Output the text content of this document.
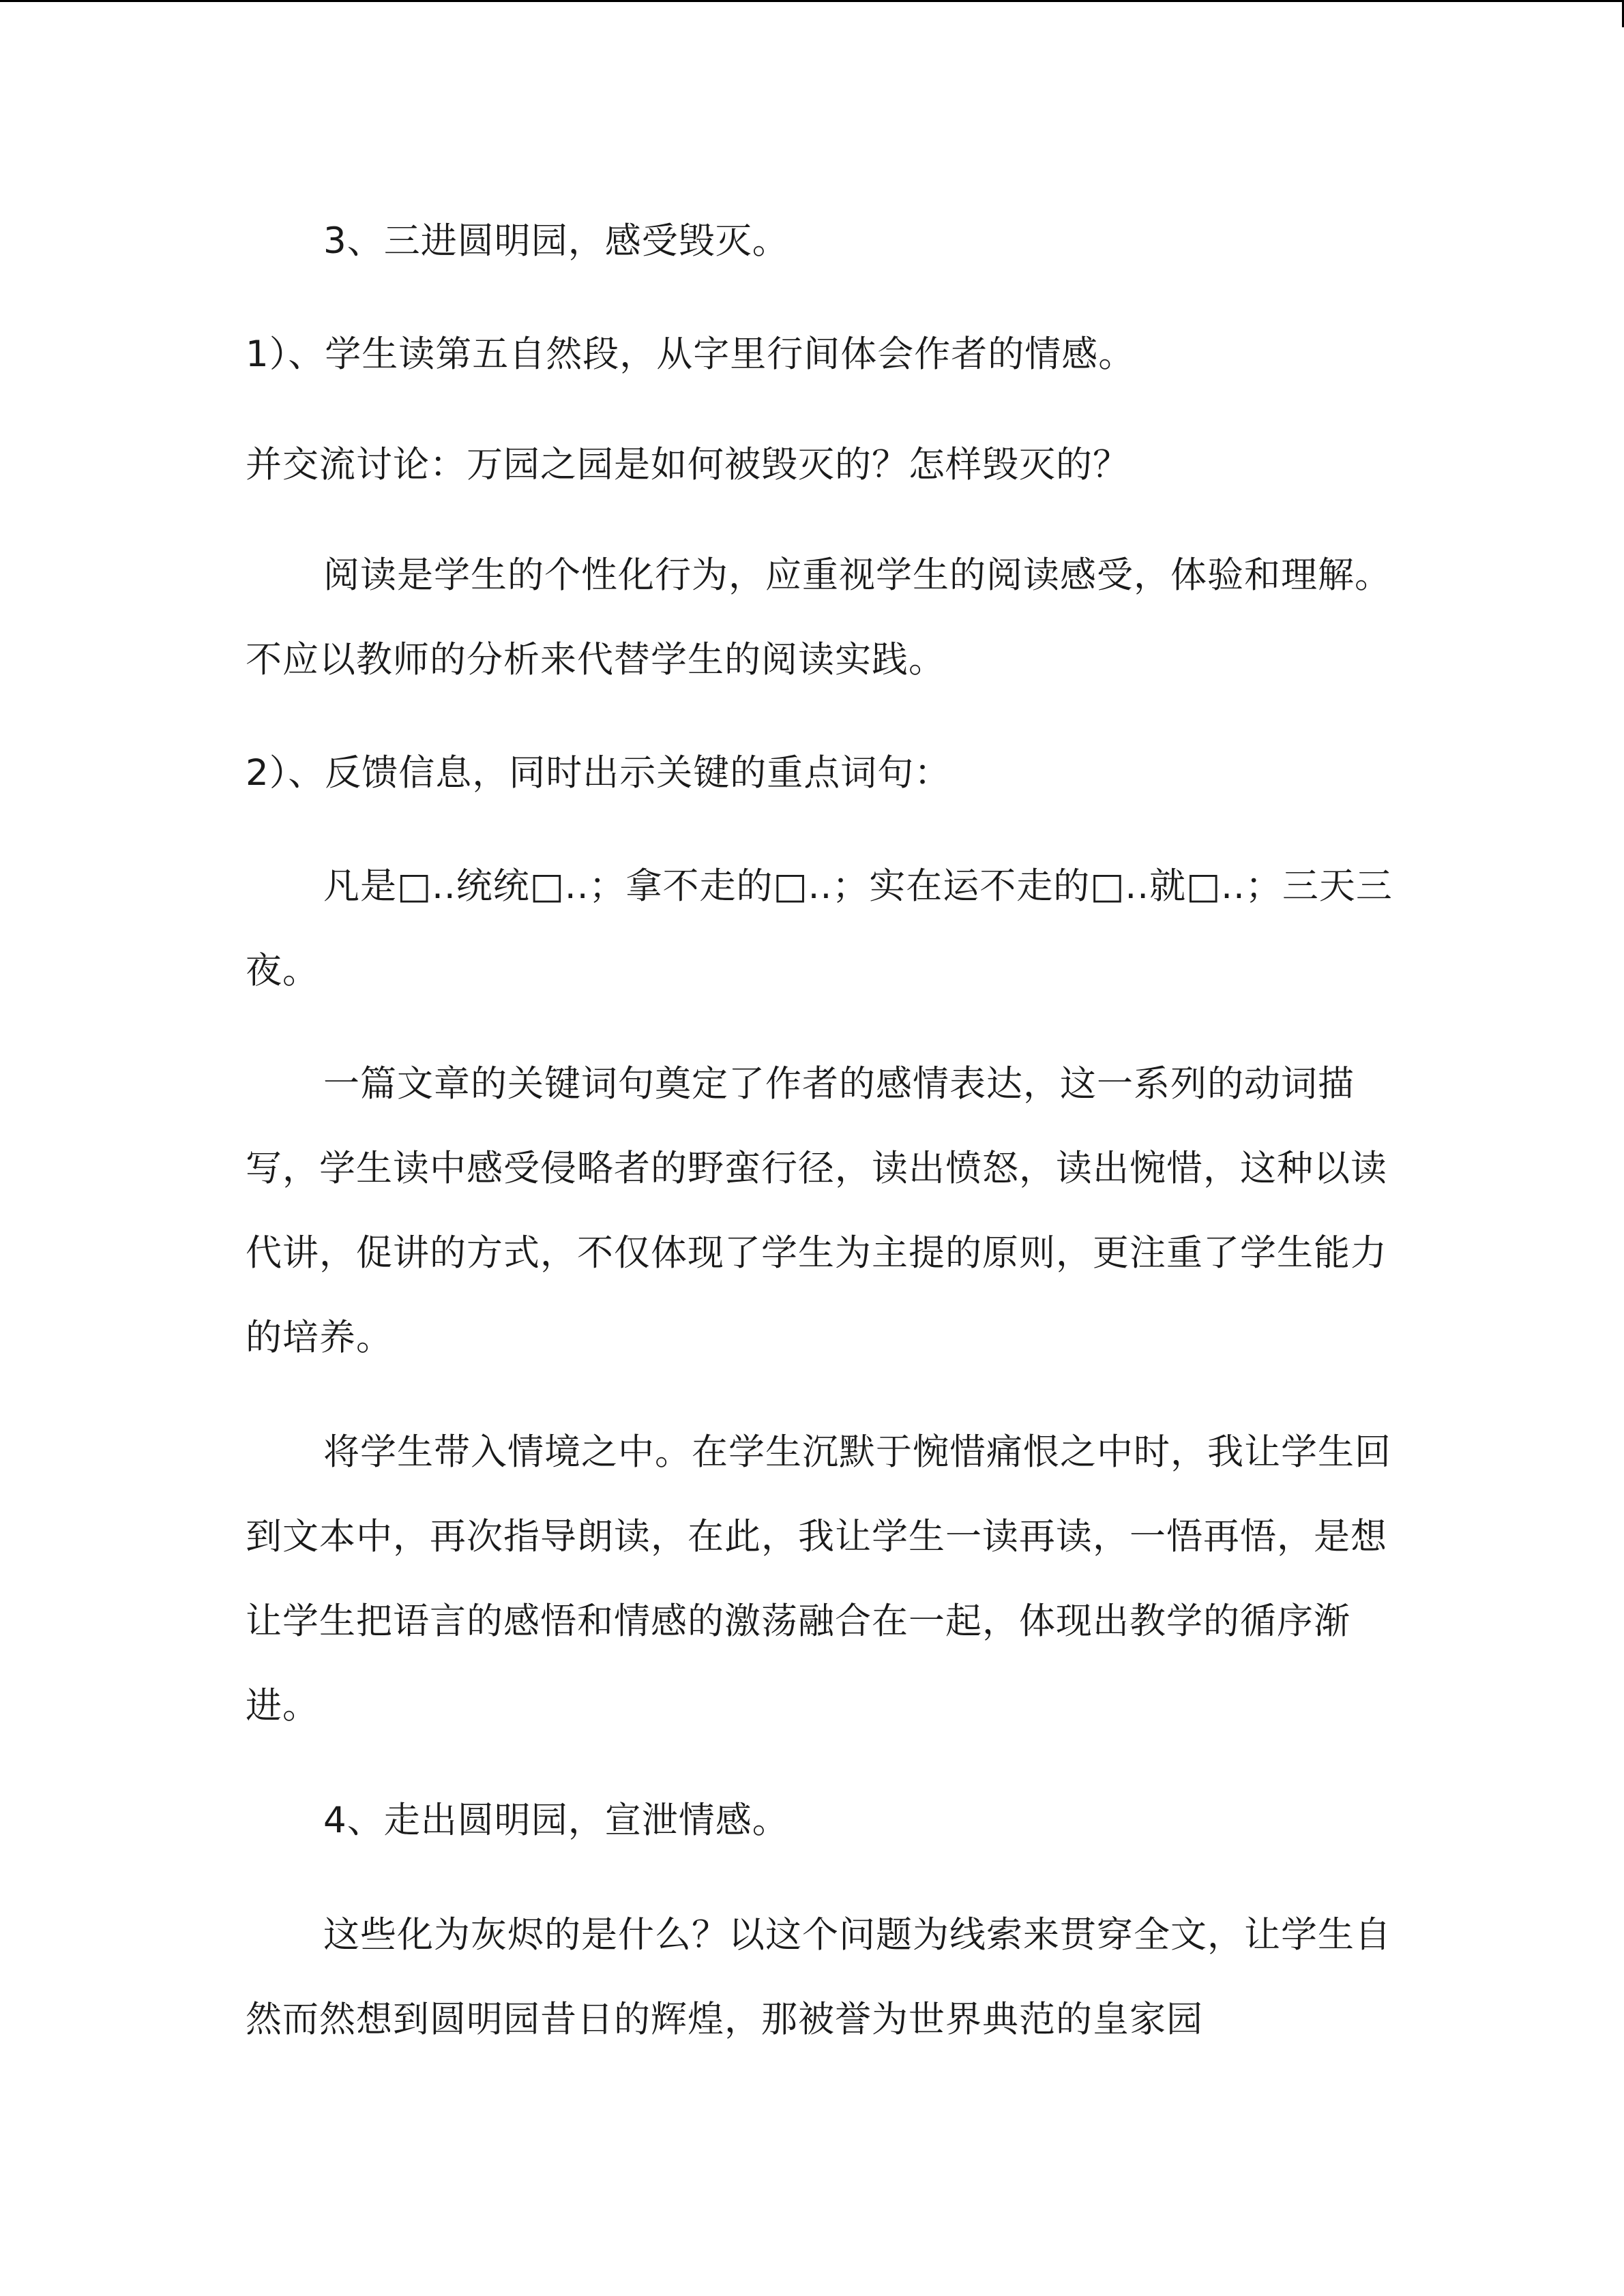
3、三进圆明园，感受毁灭。

1）、学生读第五自然段，从字里行间体会作者的情感。

并交流讨论：万园之园是如何被毁灭的？怎样毁灭的？

阅读是学生的个性化行为，应重视学生的阅读感受，体验和理解。不应以教师的分析来代替学生的阅读实践。

2）、反馈信息，同时出示关键的重点词句：

凡是□..统统□..；拿不走的□..；实在运不走的□..就□..；三天三夜。

一篇文章的关键词句奠定了作者的感情表达，这一系列的动词描写，学生读中感受侵略者的野蛮行径，读出愤怒，读出惋惜，这种以读代讲，促讲的方式，不仅体现了学生为主提的原则，更注重了学生能力的培养。

将学生带入情境之中。在学生沉默于惋惜痛恨之中时，我让学生回到文本中，再次指导朗读，在此，我让学生一读再读，一悟再悟，是想让学生把语言的感悟和情感的激荡融合在一起，体现出教学的循序渐进。

4、走出圆明园，宣泄情感。

这些化为灰烬的是什么？以这个问题为线索来贯穿全文，让学生自然而然想到圆明园昔日的辉煌，那被誉为世界典范的皇家园
